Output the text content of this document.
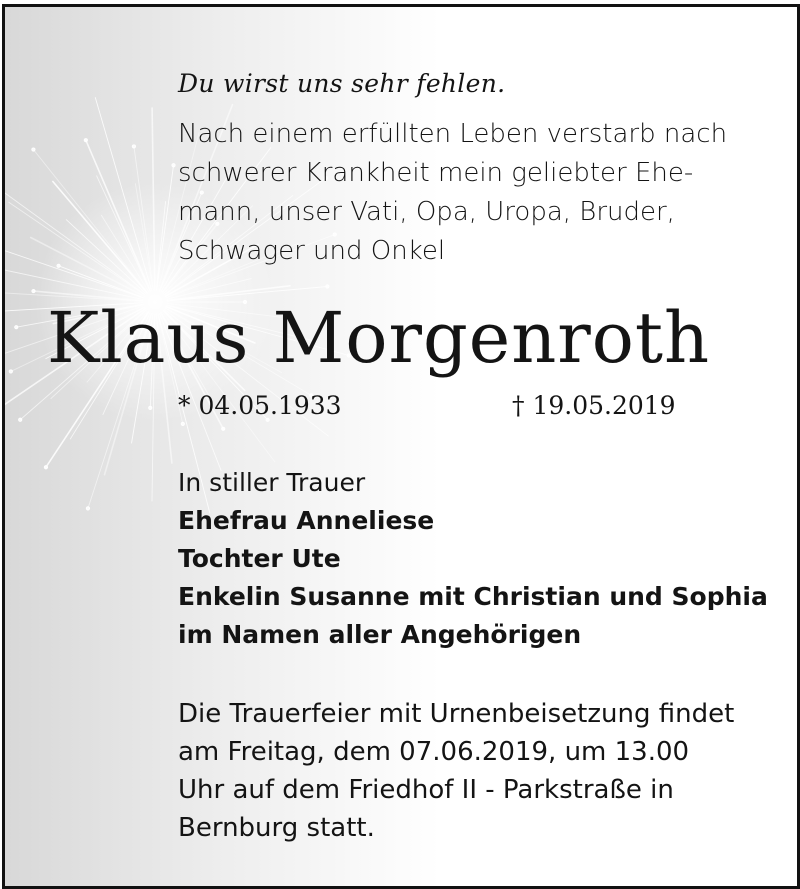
Du wirst uns sehr fehlen.
Nach einem erfüllten Leben verstarb nach
schwerer Krankheit mein geliebter Ehe-
mann, unser Vati, Opa, Uropa, Bruder,
Schwager und Onkel
Klaus Morgenroth
* 04.05.1933	† 19.05.2019
In stiller Trauer
Ehefrau Anneliese
Tochter Ute
Enkelin Susanne mit Christian und Sophia
im Namen aller Angehörigen
Die Trauerfeier mit Urnenbeisetzung findet
am Freitag, dem 07.06.2019, um 13.00
Uhr auf dem Friedhof II - Parkstraße in
Bernburg statt.
